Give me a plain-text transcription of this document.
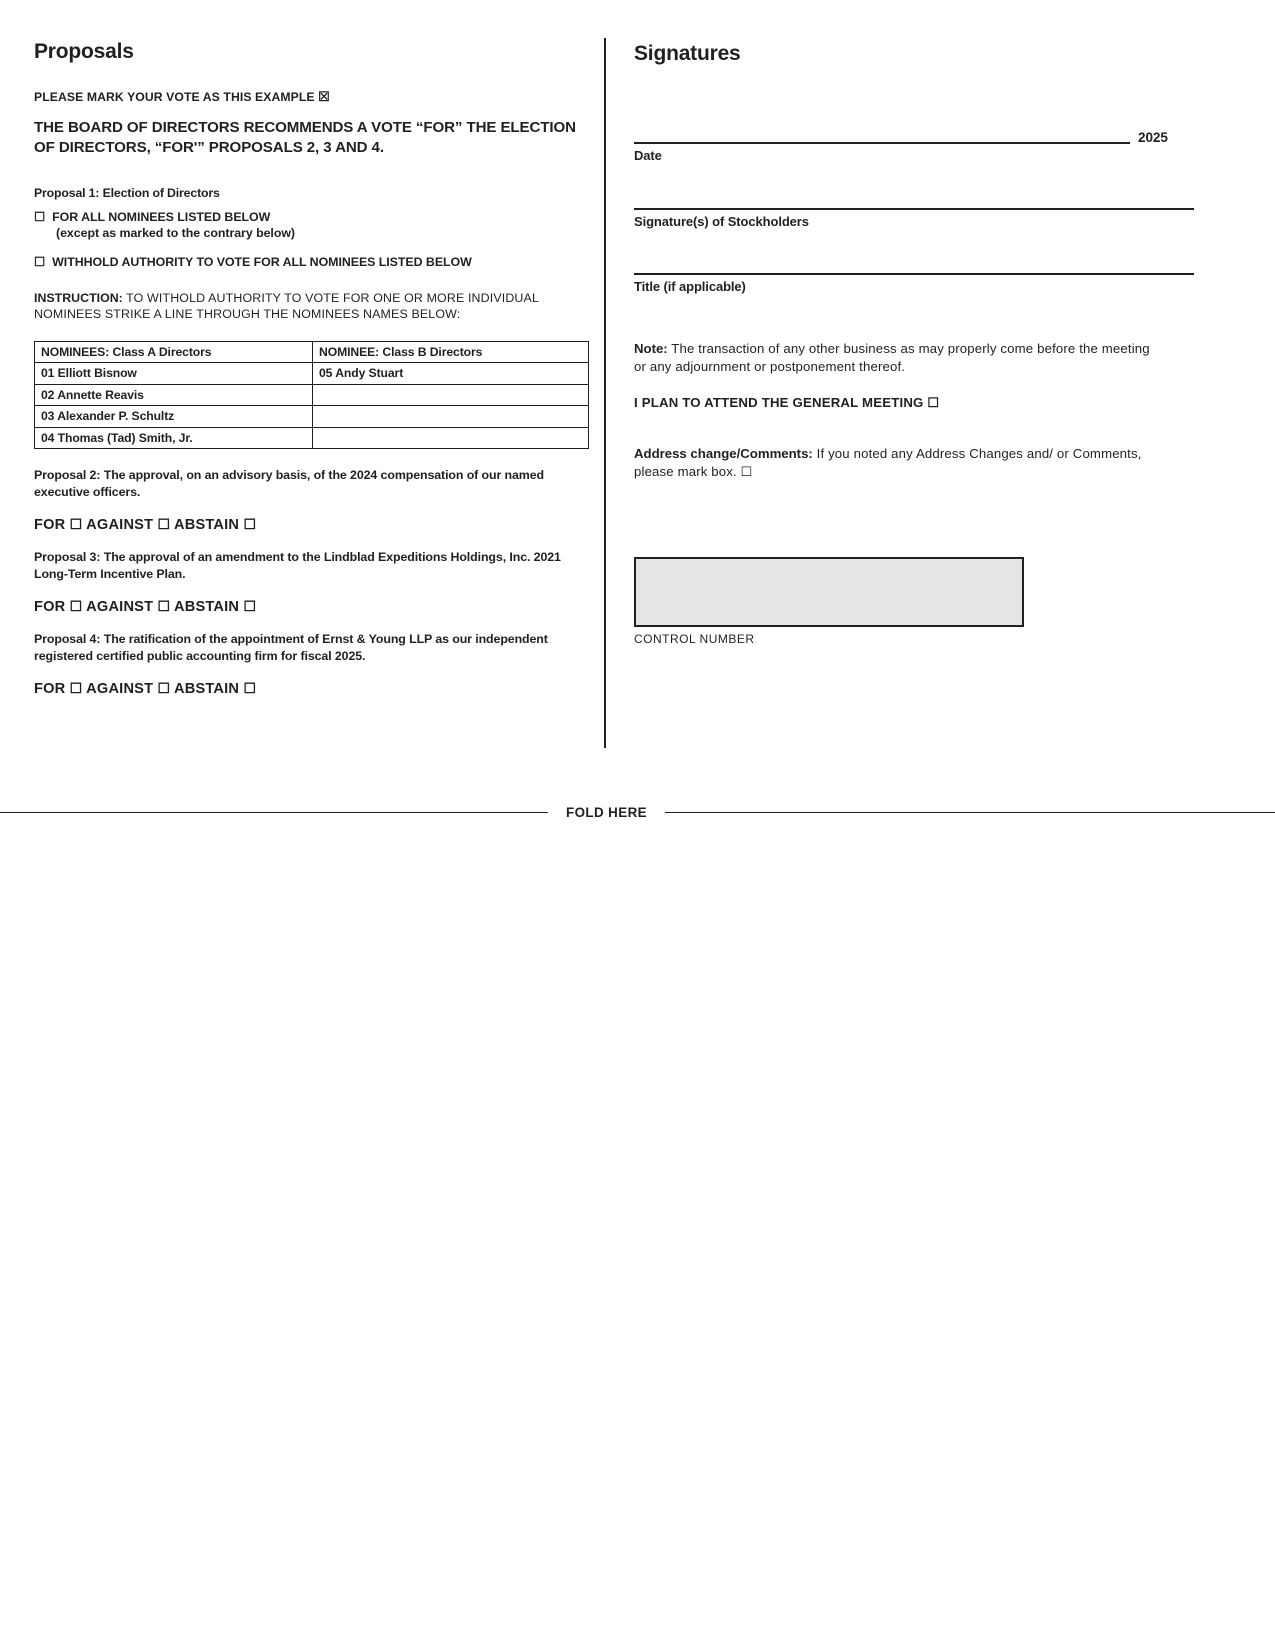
Proposals
PLEASE MARK YOUR VOTE AS THIS EXAMPLE ☒
THE BOARD OF DIRECTORS RECOMMENDS A VOTE “FOR” THE ELECTION OF DIRECTORS, “FOR'” PROPOSALS 2, 3 AND 4.
Proposal 1: Election of Directors
☐ FOR ALL NOMINEES LISTED BELOW
(except as marked to the contrary below)
☐ WITHHOLD AUTHORITY TO VOTE FOR ALL NOMINEES LISTED BELOW
INSTRUCTION: TO WITHOLD AUTHORITY TO VOTE FOR ONE OR MORE INDIVIDUAL NOMINEES STRIKE A LINE THROUGH THE NOMINEES NAMES BELOW:
NOMINEES: Class A Directors	NOMINEE: Class B Directors
01 Elliott Bisnow	05 Andy Stuart
02 Annette Reavis	
03 Alexander P. Schultz	
04 Thomas (Tad) Smith, Jr.	
Proposal 2: The approval, on an advisory basis, of the 2024 compensation of our named executive officers.
FOR ☐ AGAINST ☐ ABSTAIN ☐
Proposal 3: The approval of an amendment to the Lindblad Expeditions Holdings, Inc. 2021 Long-Term Incentive Plan.
FOR ☐ AGAINST ☐ ABSTAIN ☐
Proposal 4: The ratification of the appointment of Ernst & Young LLP as our independent registered certified public accounting firm for fiscal 2025.
FOR ☐ AGAINST ☐ ABSTAIN ☐
Signatures
2025
Date
Signature(s) of Stockholders
Title (if applicable)
Note: The transaction of any other business as may properly come before the meeting or any adjournment or postponement thereof.
I PLAN TO ATTEND THE GENERAL MEETING ☐
Address change/Comments: If you noted any Address Changes and/ or Comments, please mark box. ☐
CONTROL NUMBER
FOLD HERE
